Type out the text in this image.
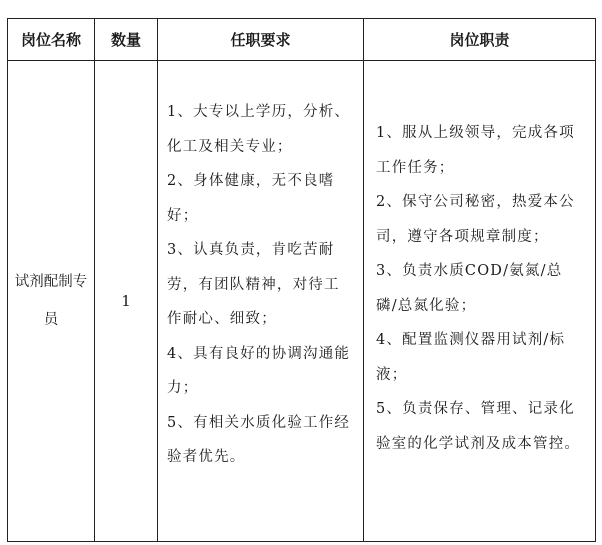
岗位名称	数量	任职要求	岗位职责
试剂配制专员	1	1、大专以上学历，分析、化工及相关专业；
2、身体健康，无不良嗜好；
3、认真负责，肯吃苦耐劳，有团队精神，对待工作耐心、细致；
4、具有良好的协调沟通能力；
5、有相关水质化验工作经验者优先。	1、服从上级领导，完成各项工作任务；
2、保守公司秘密，热爱本公司，遵守各项规章制度；
3、负责水质COD/氨氮/总磷/总氮化验；
4、配置监测仪器用试剂/标液；
5、负责保存、管理、记录化验室的化学试剂及成本管控。
